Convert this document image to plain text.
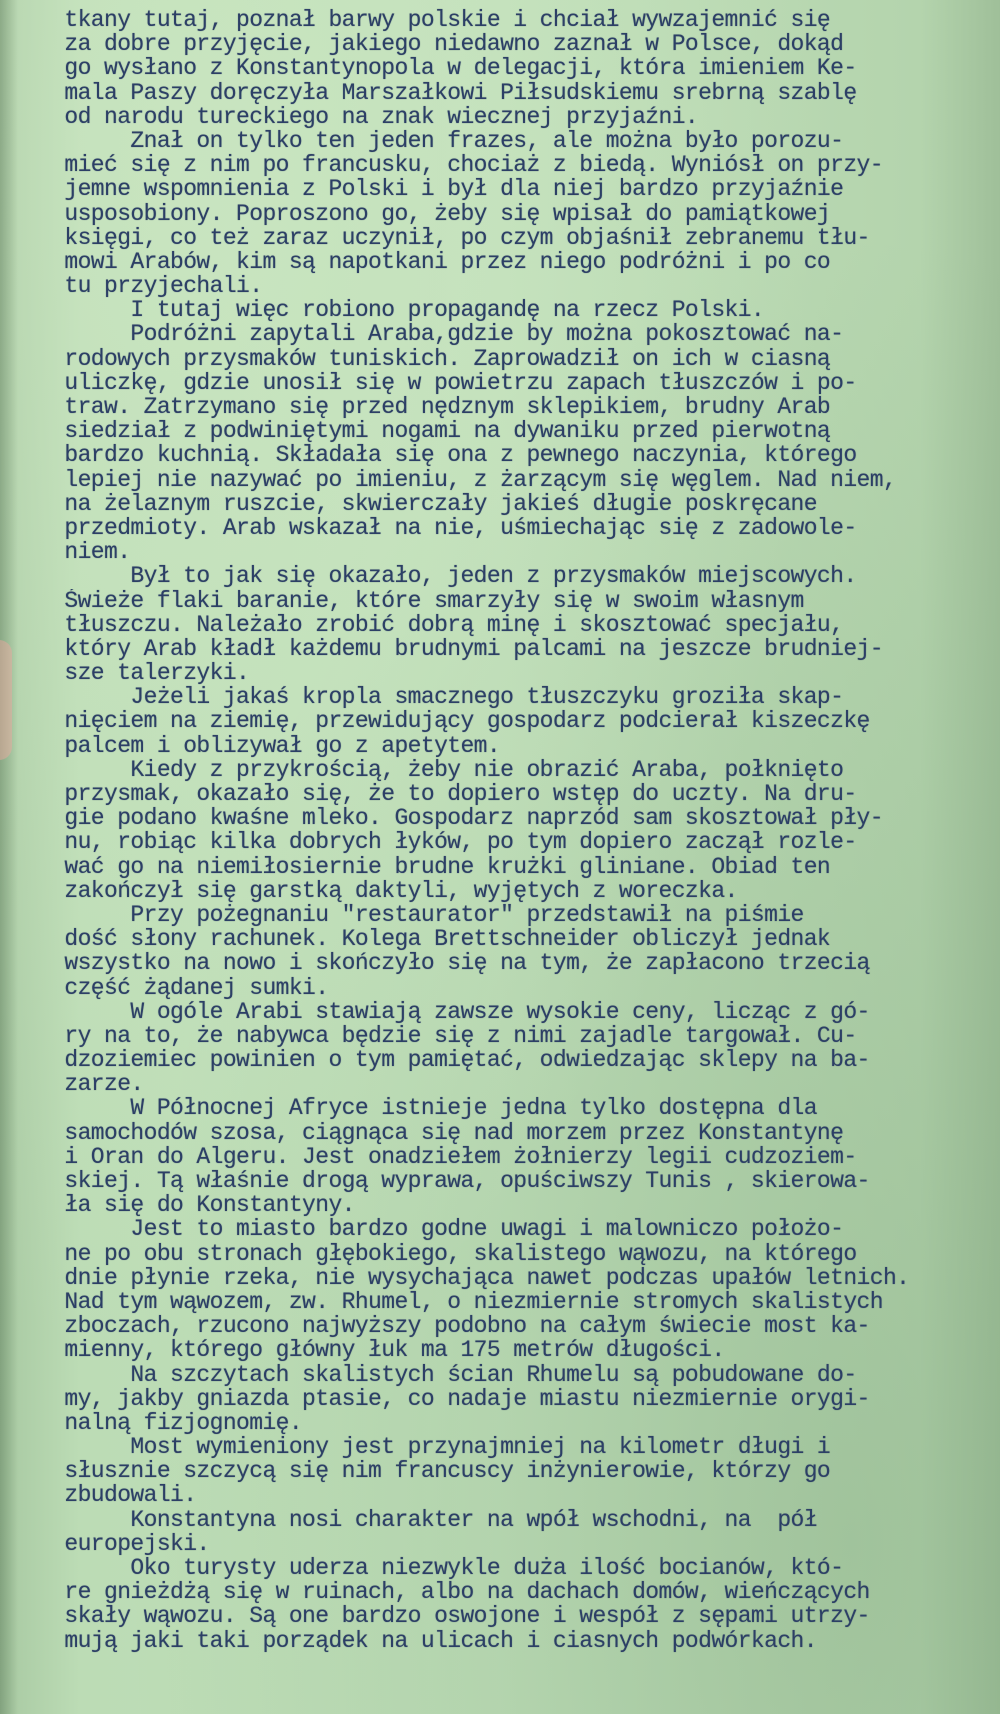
tkany tutaj, poznał barwy polskie i chciał wywzajemnić się
za dobre przyjęcie, jakiego niedawno zaznał w Polsce, dokąd
go wysłano z Konstantynopola w delegacji, która imieniem Ke-
mala Paszy doręczyła Marszałkowi Piłsudskiemu srebrną szablę
od narodu tureckiego na znak wiecznej przyjaźni.
Znał on tylko ten jeden frazes, ale można było porozu-
mieć się z nim po francusku, chociaż z biedą. Wyniósł on przy-
jemne wspomnienia z Polski i był dla niej bardzo przyjaźnie
usposobiony. Poproszono go, żeby się wpisał do pamiątkowej
księgi, co też zaraz uczynił, po czym objaśnił zebranemu tłu-
mowi Arabów, kim są napotkani przez niego podróżni i po co
tu przyjechali.
I tutaj więc robiono propagandę na rzecz Polski.
Podróżni zapytali Araba,gdzie by można pokosztować na-
rodowych przysmaków tuniskich. Zaprowadził on ich w ciasną
uliczkę, gdzie unosił się w powietrzu zapach tłuszczów i po-
traw. Zatrzymano się przed nędznym sklepikiem, brudny Arab
siedział z podwiniętymi nogami na dywaniku przed pierwotną
bardzo kuchnią. Składała się ona z pewnego naczynia, którego
lepiej nie nazywać po imieniu, z żarzącym się węglem. Nad niem,
na żelaznym ruszcie, skwierczały jakieś długie poskręcane
przedmioty. Arab wskazał na nie, uśmiechając się z zadowole-
niem.
Był to jak się okazało, jeden z przysmaków miejscowych.
Świeże flaki baranie, które smarzyły się w swoim własnym
tłuszczu. Należało zrobić dobrą minę i skosztować specjału,
który Arab kładł każdemu brudnymi palcami na jeszcze brudniej-
sze talerzyki.
Jeżeli jakaś kropla smacznego tłuszczyku groziła skap-
nięciem na ziemię, przewidujący gospodarz podcierał kiszeczkę
palcem i oblizywał go z apetytem.
Kiedy z przykrością, żeby nie obrazić Araba, połknięto
przysmak, okazało się, że to dopiero wstęp do uczty. Na dru-
gie podano kwaśne mleko. Gospodarz naprzód sam skosztował pły-
nu, robiąc kilka dobrych łyków, po tym dopiero zaczął rozle-
wać go na niemiłosiernie brudne krużki gliniane. Obiad ten
zakończył się garstką daktyli, wyjętych z woreczka.
Przy pożegnaniu "restaurator" przedstawił na piśmie
dość słony rachunek. Kolega Brettschneider obliczył jednak
wszystko na nowo i skończyło się na tym, że zapłacono trzecią
część żądanej sumki.
W ogóle Arabi stawiają zawsze wysokie ceny, licząc z gó-
ry na to, że nabywca będzie się z nimi zajadle targował. Cu-
dzoziemiec powinien o tym pamiętać, odwiedzając sklepy na ba-
zarze.
W Północnej Afryce istnieje jedna tylko dostępna dla
samochodów szosa, ciągnąca się nad morzem przez Konstantynę
i Oran do Algeru. Jest onadziełem żołnierzy legii cudzoziem-
skiej. Tą właśnie drogą wyprawa, opuściwszy Tunis , skierowa-
ła się do Konstantyny.
Jest to miasto bardzo godne uwagi i malowniczo położo-
ne po obu stronach głębokiego, skalistego wąwozu, na którego
dnie płynie rzeka, nie wysychająca nawet podczas upałów letnich.
Nad tym wąwozem, zw. Rhumel, o niezmiernie stromych skalistych
zboczach, rzucono najwyższy podobno na całym świecie most ka-
mienny, którego główny łuk ma 175 metrów długości.
Na szczytach skalistych ścian Rhumelu są pobudowane do-
my, jakby gniazda ptasie, co nadaje miastu niezmiernie orygi-
nalną fizjognomię.
Most wymieniony jest przynajmniej na kilometr długi i
słusznie szczycą się nim francuscy inżynierowie, którzy go
zbudowali.
Konstantyna nosi charakter na wpół wschodni, na  pół
europejski.
Oko turysty uderza niezwykle duża ilość bocianów, któ-
re gnieżdżą się w ruinach, albo na dachach domów, wieńczących
skały wąwozu. Są one bardzo oswojone i wespół z sępami utrzy-
mują jaki taki porządek na ulicach i ciasnych podwórkach.
